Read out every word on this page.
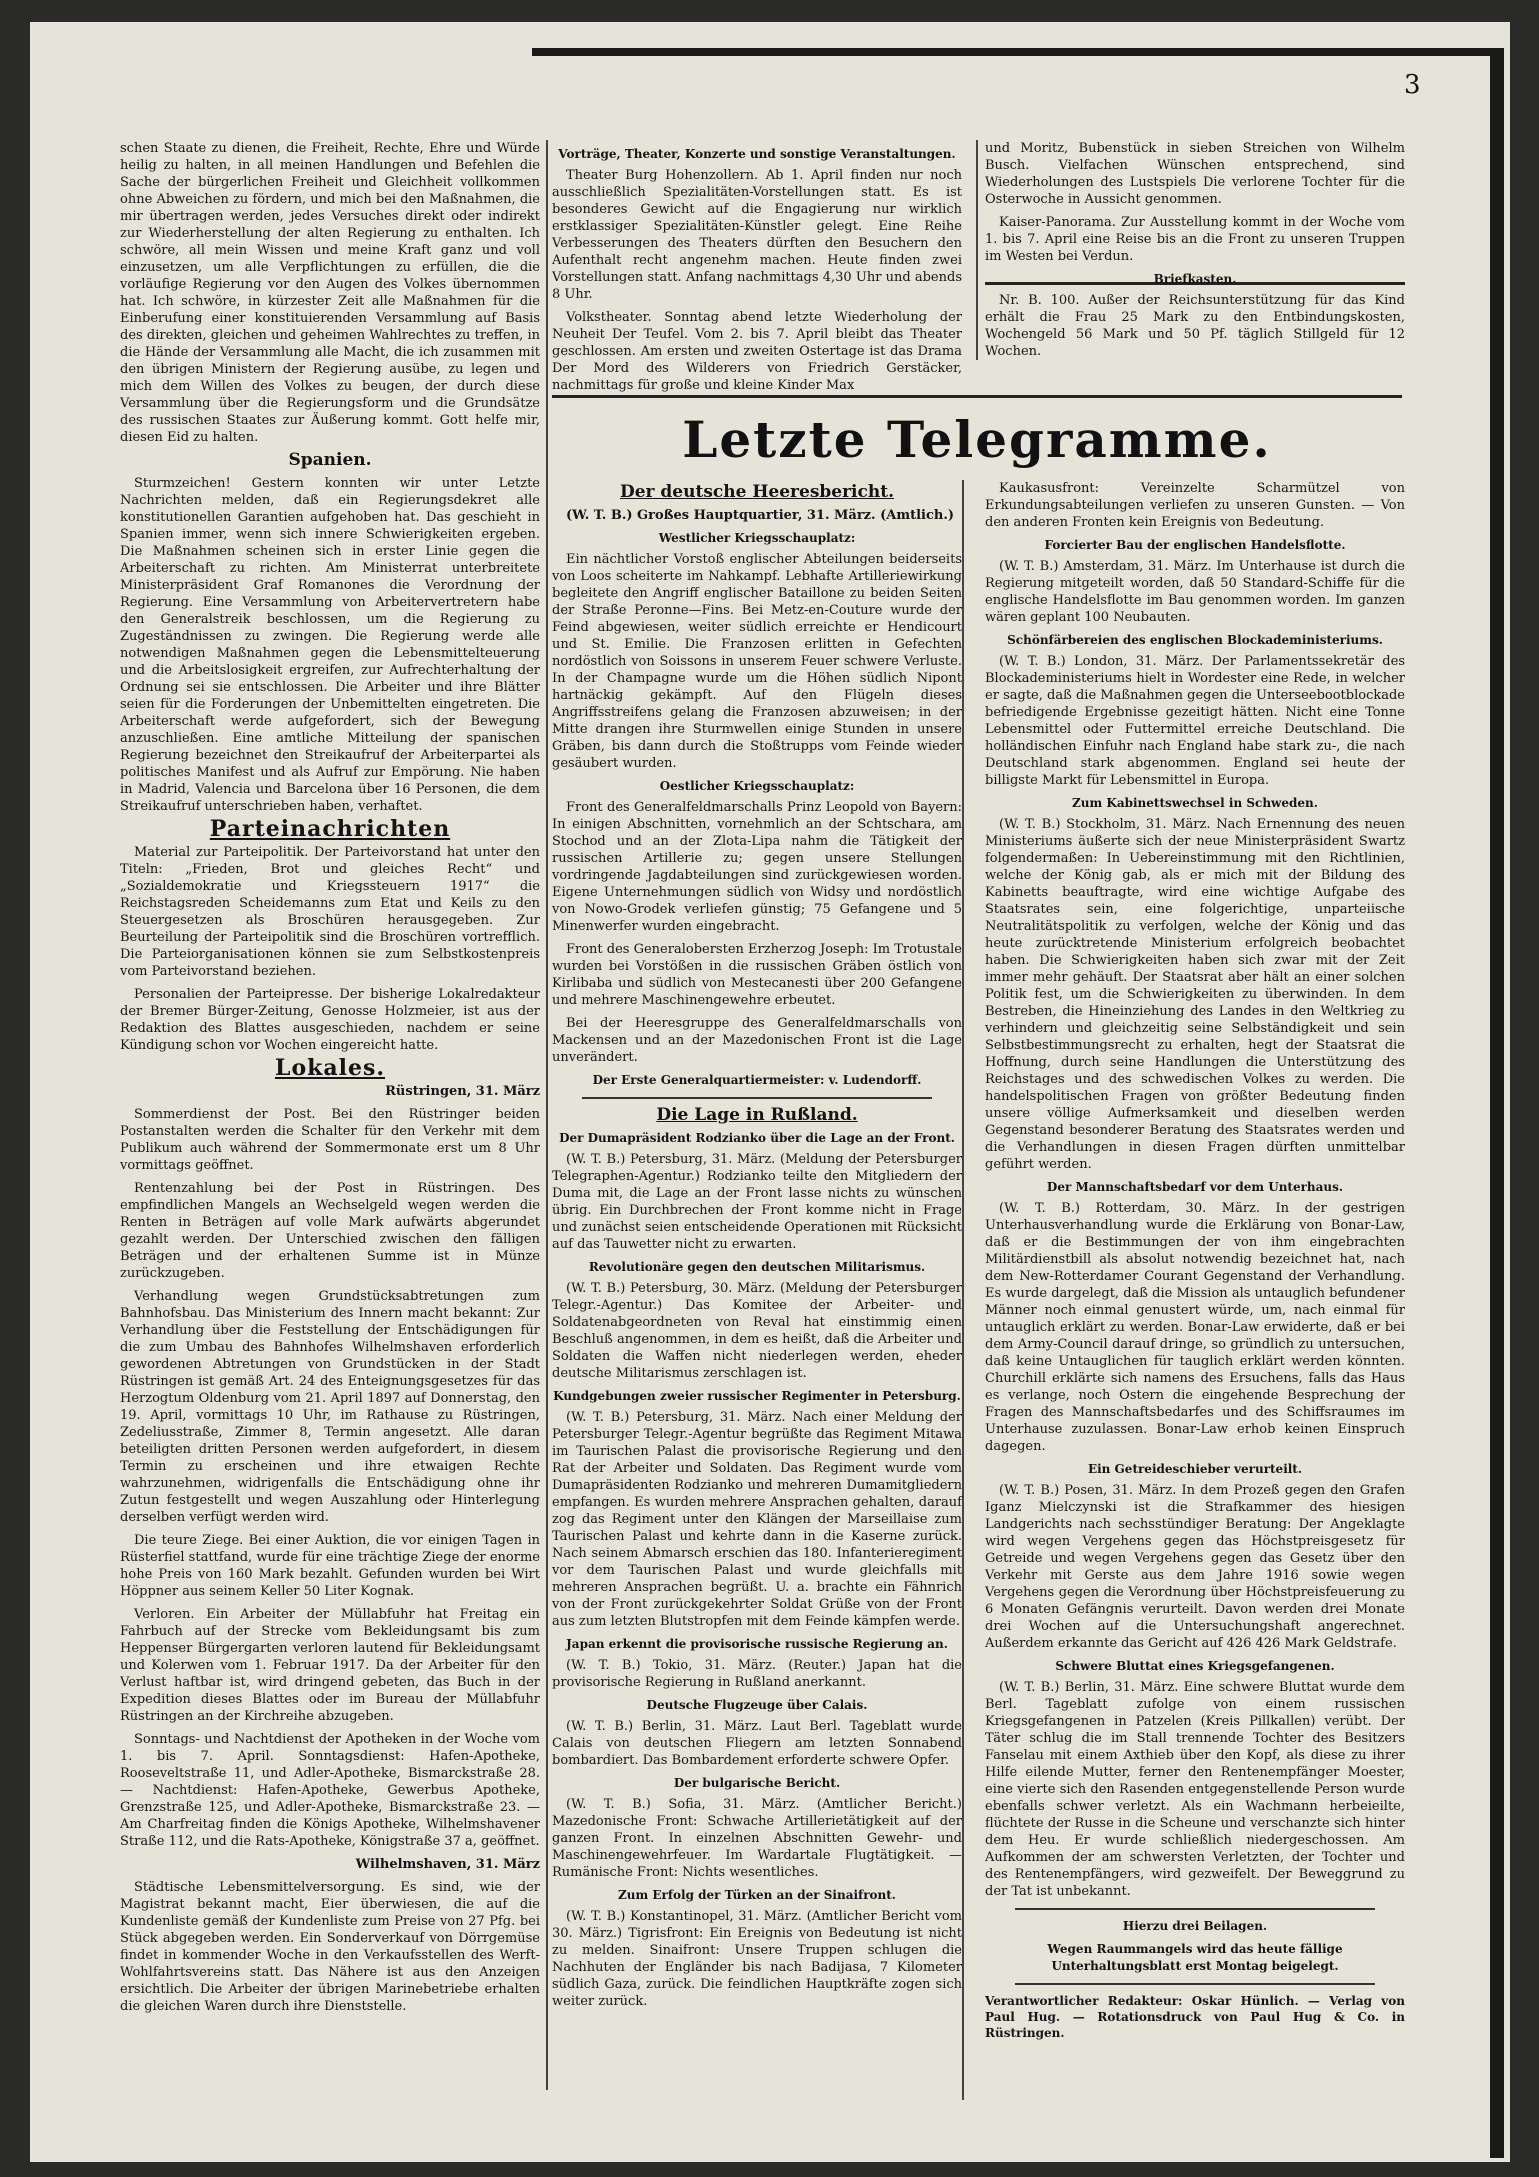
3

schen Staate zu dienen, die Freiheit, Rechte, Ehre und Würde heilig zu halten, in all meinen Handlungen und Befehlen die Sache der bürgerlichen Freiheit und Gleichheit vollkommen ohne Abweichen zu fördern, und mich bei den Maßnahmen, die mir übertragen werden, jedes Versuches direkt oder indirekt zur Wiederherstellung der alten Regierung zu enthalten. Ich schwöre, all mein Wissen und meine Kraft ganz und voll einzusetzen, um alle Verpflichtungen zu erfüllen, die die vorläufige Regierung vor den Augen des Volkes übernommen hat. Ich schwöre, in kürzester Zeit alle Maßnahmen für die Einberufung einer konstituierenden Versammlung auf Basis des direkten, gleichen und geheimen Wahlrechtes zu treffen, in die Hände der Versammlung alle Macht, die ich zusammen mit den übrigen Ministern der Regierung ausübe, zu legen und mich dem Willen des Volkes zu beugen, der durch diese Versammlung über die Regierungsform und die Grundsätze des russischen Staates zur Äußerung kommt. Gott helfe mir, diesen Eid zu halten.

Spanien.

Sturmzeichen! Gestern konnten wir unter Letzte Nachrichten melden, daß ein Regierungsdekret alle konstitutionellen Garantien aufgehoben hat. Das geschieht in Spanien immer, wenn sich innere Schwierigkeiten ergeben. Die Maßnahmen scheinen sich in erster Linie gegen die Arbeiterschaft zu richten. Am Ministerrat unterbreitete Ministerpräsident Graf Romanones die Verordnung der Regierung. Eine Versammlung von Arbeitervertretern habe den Generalstreik beschlossen, um die Regierung zu Zugeständnissen zu zwingen. Die Regierung werde alle notwendigen Maßnahmen gegen die Lebensmittelteuerung und die Arbeitslosigkeit ergreifen, zur Aufrechterhaltung der Ordnung sei sie entschlossen. Die Arbeiter und ihre Blätter seien für die Forderungen der Unbemittelten eingetreten. Die Arbeiterschaft werde aufgefordert, sich der Bewegung anzuschließen. Eine amtliche Mitteilung der spanischen Regierung bezeichnet den Streikaufruf der Arbeiterpartei als politisches Manifest und als Aufruf zur Empörung. Nie haben in Madrid, Valencia und Barcelona über 16 Personen, die dem Streikaufruf unterschrieben haben, verhaftet.

Parteinachrichten

Material zur Parteipolitik. Der Parteivorstand hat unter den Titeln: „Frieden, Brot und gleiches Recht“ und „Sozialdemokratie und Kriegssteuern 1917“ die Reichstagsreden Scheidemanns zum Etat und Keils zu den Steuergesetzen als Broschüren herausgegeben. Zur Beurteilung der Parteipolitik sind die Broschüren vortrefflich. Die Parteiorganisationen können sie zum Selbstkostenpreis vom Parteivorstand beziehen.

Personalien der Parteipresse. Der bisherige Lokalredakteur der Bremer Bürger-Zeitung, Genosse Holzmeier, ist aus der Redaktion des Blattes ausgeschieden, nachdem er seine Kündigung schon vor Wochen eingereicht hatte.

Lokales.
Rüstringen, 31. März

Sommerdienst der Post. Bei den Rüstringer beiden Postanstalten werden die Schalter für den Verkehr mit dem Publikum auch während der Sommermonate erst um 8 Uhr vormittags geöffnet.

Rentenzahlung bei der Post in Rüstringen. Des empfindlichen Mangels an Wechselgeld wegen werden die Renten in Beträgen auf volle Mark aufwärts abgerundet gezahlt werden. Der Unterschied zwischen den fälligen Beträgen und der erhaltenen Summe ist in Münze zurückzugeben.

Verhandlung wegen Grundstücksabtretungen zum Bahnhofsbau. Das Ministerium des Innern macht bekannt: Zur Verhandlung über die Feststellung der Entschädigungen für die zum Umbau des Bahnhofes Wilhelmshaven erforderlich gewordenen Abtretungen von Grundstücken in der Stadt Rüstringen ist gemäß Art. 24 des Enteignungsgesetzes für das Herzogtum Oldenburg vom 21. April 1897 auf Donnerstag, den 19. April, vormittags 10 Uhr, im Rathause zu Rüstringen, Zedeliusstraße, Zimmer 8, Termin angesetzt. Alle daran beteiligten dritten Personen werden aufgefordert, in diesem Termin zu erscheinen und ihre etwaigen Rechte wahrzunehmen, widrigenfalls die Entschädigung ohne ihr Zutun festgestellt und wegen Auszahlung oder Hinterlegung derselben verfügt werden wird.

Die teure Ziege. Bei einer Auktion, die vor einigen Tagen in Rüsterfiel stattfand, wurde für eine trächtige Ziege der enorme hohe Preis von 160 Mark bezahlt. Gefunden wurden bei Wirt Höppner aus seinem Keller 50 Liter Kognak.

Verloren. Ein Arbeiter der Müllabfuhr hat Freitag ein Fahrbuch auf der Strecke vom Bekleidungsamt bis zum Heppenser Bürgergarten verloren lautend für Bekleidungsamt und Kolerwen vom 1. Februar 1917. Da der Arbeiter für den Verlust haftbar ist, wird dringend gebeten, das Buch in der Expedition dieses Blattes oder im Bureau der Müllabfuhr Rüstringen an der Kirchreihe abzugeben.

Sonntags- und Nachtdienst der Apotheken in der Woche vom 1. bis 7. April. Sonntagsdienst: Hafen-Apotheke, Rooseveltstraße 11, und Adler-Apotheke, Bismarckstraße 28. — Nachtdienst: Hafen-Apotheke, Gewerbus Apotheke, Grenzstraße 125, und Adler-Apotheke, Bismarckstraße 23. — Am Charfreitag finden die Königs Apotheke, Wilhelmshavener Straße 112, und die Rats-Apotheke, Königstraße 37 a, geöffnet.

Wilhelmshaven, 31. März

Städtische Lebensmittelversorgung. Es sind, wie der Magistrat bekannt macht, Eier überwiesen, die auf die Kundenliste gemäß der Kundenliste zum Preise von 27 Pfg. bei Stück abgegeben werden. Ein Sonderverkauf von Dörrgemüse findet in kommender Woche in den Verkaufsstellen des Werft-Wohlfahrtsvereins statt. Das Nähere ist aus den Anzeigen ersichtlich. Die Arbeiter der übrigen Marinebetriebe erhalten die gleichen Waren durch ihre Dienststelle.

Vorträge, Theater, Konzerte und sonstige Veranstaltungen.

Theater Burg Hohenzollern. Ab 1. April finden nur noch ausschließlich Spezialitäten-Vorstellungen statt. Es ist besonderes Gewicht auf die Engagierung nur wirklich erstklassiger Spezialitäten-Künstler gelegt. Eine Reihe Verbesserungen des Theaters dürften den Besuchern den Aufenthalt recht angenehm machen. Heute finden zwei Vorstellungen statt. Anfang nachmittags 4,30 Uhr und abends 8 Uhr.

Volkstheater. Sonntag abend letzte Wiederholung der Neuheit Der Teufel. Vom 2. bis 7. April bleibt das Theater geschlossen. Am ersten und zweiten Ostertage ist das Drama Der Mord des Wilderers von Friedrich Gerstäcker, nachmittags für große und kleine Kinder Max

und Moritz, Bubenstück in sieben Streichen von Wilhelm Busch. Vielfachen Wünschen entsprechend, sind Wiederholungen des Lustspiels Die verlorene Tochter für die Osterwoche in Aussicht genommen.

Kaiser-Panorama. Zur Ausstellung kommt in der Woche vom 1. bis 7. April eine Reise bis an die Front zu unseren Truppen im Westen bei Verdun.

Briefkasten.

Nr. B. 100. Außer der Reichsunterstützung für das Kind erhält die Frau 25 Mark zu den Entbindungskosten, Wochengeld 56 Mark und 50 Pf. täglich Stillgeld für 12 Wochen.

Letzte Telegramme.
Der deutsche Heeresbericht.

(W. T. B.) Großes Hauptquartier, 31. März. (Amtlich.)

Westlicher Kriegsschauplatz:

Ein nächtlicher Vorstoß englischer Abteilungen beiderseits von Loos scheiterte im Nahkampf. Lebhafte Artilleriewirkung begleitete den Angriff englischer Bataillone zu beiden Seiten der Straße Peronne—Fins. Bei Metz-en-Couture wurde der Feind abgewiesen, weiter südlich erreichte er Hendicourt und St. Emilie. Die Franzosen erlitten in Gefechten nordöstlich von Soissons in unserem Feuer schwere Verluste. In der Champagne wurde um die Höhen südlich Nipont hartnäckig gekämpft. Auf den Flügeln dieses Angriffsstreifens gelang die Franzosen abzuweisen; in der Mitte drangen ihre Sturmwellen einige Stunden in unsere Gräben, bis dann durch die Stoßtrupps vom Feinde wieder gesäubert wurden.

Oestlicher Kriegsschauplatz:

Front des Generalfeldmarschalls Prinz Leopold von Bayern: In einigen Abschnitten, vornehmlich an der Schtschara, am Stochod und an der Zlota-Lipa nahm die Tätigkeit der russischen Artillerie zu; gegen unsere Stellungen vordringende Jagdabteilungen sind zurückgewiesen worden. Eigene Unternehmungen südlich von Widsy und nordöstlich von Nowo-Grodek verliefen günstig; 75 Gefangene und 5 Minenwerfer wurden eingebracht.

Front des Generalobersten Erzherzog Joseph: Im Trotustale wurden bei Vorstößen in die russischen Gräben östlich von Kirlibaba und südlich von Mestecanesti über 200 Gefangene und mehrere Maschinengewehre erbeutet.

Bei der Heeresgruppe des Generalfeldmarschalls von Mackensen und an der Mazedonischen Front ist die Lage unverändert.

Der Erste Generalquartiermeister: v. Ludendorff.
Die Lage in Rußland.
Der Dumapräsident Rodzianko über die Lage an der Front.

(W. T. B.) Petersburg, 31. März. (Meldung der Petersburger Telegraphen-Agentur.) Rodzianko teilte den Mitgliedern der Duma mit, die Lage an der Front lasse nichts zu wünschen übrig. Ein Durchbrechen der Front komme nicht in Frage und zunächst seien entscheidende Operationen mit Rücksicht auf das Tauwetter nicht zu erwarten.

Revolutionäre gegen den deutschen Militarismus.

(W. T. B.) Petersburg, 30. März. (Meldung der Petersburger Telegr.-Agentur.) Das Komitee der Arbeiter- und Soldatenabgeordneten von Reval hat einstimmig einen Beschluß angenommen, in dem es heißt, daß die Arbeiter und Soldaten die Waffen nicht niederlegen werden, eheder deutsche Militarismus zerschlagen ist.

Kundgebungen zweier russischer Regimenter in Petersburg.

(W. T. B.) Petersburg, 31. März. Nach einer Meldung der Petersburger Telegr.-Agentur begrüßte das Regiment Mitawa im Taurischen Palast die provisorische Regierung und den Rat der Arbeiter und Soldaten. Das Regiment wurde vom Dumapräsidenten Rodzianko und mehreren Dumamitgliedern empfangen. Es wurden mehrere Ansprachen gehalten, darauf zog das Regiment unter den Klängen der Marseillaise zum Taurischen Palast und kehrte dann in die Kaserne zurück. Nach seinem Abmarsch erschien das 180. Infanterieregiment vor dem Taurischen Palast und wurde gleichfalls mit mehreren Ansprachen begrüßt. U. a. brachte ein Fähnrich von der Front zurückgekehrter Soldat Grüße von der Front aus zum letzten Blutstropfen mit dem Feinde kämpfen werde.

Japan erkennt die provisorische russische Regierung an.

(W. T. B.) Tokio, 31. März. (Reuter.) Japan hat die provisorische Regierung in Rußland anerkannt.

Deutsche Flugzeuge über Calais.

(W. T. B.) Berlin, 31. März. Laut Berl. Tageblatt wurde Calais von deutschen Fliegern am letzten Sonnabend bombardiert. Das Bombardement erforderte schwere Opfer.

Der bulgarische Bericht.

(W. T. B.) Sofia, 31. März. (Amtlicher Bericht.) Mazedonische Front: Schwache Artillerietätigkeit auf der ganzen Front. In einzelnen Abschnitten Gewehr- und Maschinengewehrfeuer. Im Wardartale Flugtätigkeit. — Rumänische Front: Nichts wesentliches.

Zum Erfolg der Türken an der Sinaifront.

(W. T. B.) Konstantinopel, 31. März. (Amtlicher Bericht vom 30. März.) Tigrisfront: Ein Ereignis von Bedeutung ist nicht zu melden. Sinaifront: Unsere Truppen schlugen die Nachhuten der Engländer bis nach Badijasa, 7 Kilometer südlich Gaza, zurück. Die feindlichen Hauptkräfte zogen sich weiter zurück.

Kaukasusfront: Vereinzelte Scharmützel von Erkundungsabteilungen verliefen zu unseren Gunsten. — Von den anderen Fronten kein Ereignis von Bedeutung.

Forcierter Bau der englischen Handelsflotte.

(W. T. B.) Amsterdam, 31. März. Im Unterhause ist durch die Regierung mitgeteilt worden, daß 50 Standard-Schiffe für die englische Handelsflotte im Bau genommen worden. Im ganzen wären geplant 100 Neubauten.

Schönfärbereien des englischen Blockadeministeriums.

(W. T. B.) London, 31. März. Der Parlamentssekretär des Blockadeministeriums hielt in Wordester eine Rede, in welcher er sagte, daß die Maßnahmen gegen die Unterseebootblockade befriedigende Ergebnisse gezeitigt hätten. Nicht eine Tonne Lebensmittel oder Futtermittel erreiche Deutschland. Die holländischen Einfuhr nach England habe stark zu-, die nach Deutschland stark abgenommen. England sei heute der billigste Markt für Lebensmittel in Europa.

Zum Kabinettswechsel in Schweden.

(W. T. B.) Stockholm, 31. März. Nach Ernennung des neuen Ministeriums äußerte sich der neue Ministerpräsident Swartz folgendermaßen: In Uebereinstimmung mit den Richtlinien, welche der König gab, als er mich mit der Bildung des Kabinetts beauftragte, wird eine wichtige Aufgabe des Staatsrates sein, eine folgerichtige, unparteiische Neutralitätspolitik zu verfolgen, welche der König und das heute zurücktretende Ministerium erfolgreich beobachtet haben. Die Schwierigkeiten haben sich zwar mit der Zeit immer mehr gehäuft. Der Staatsrat aber hält an einer solchen Politik fest, um die Schwierigkeiten zu überwinden. In dem Bestreben, die Hineinziehung des Landes in den Weltkrieg zu verhindern und gleichzeitig seine Selbständigkeit und sein Selbstbestimmungsrecht zu erhalten, hegt der Staatsrat die Hoffnung, durch seine Handlungen die Unterstützung des Reichstages und des schwedischen Volkes zu werden. Die handelspolitischen Fragen von größter Bedeutung finden unsere völlige Aufmerksamkeit und dieselben werden Gegenstand besonderer Beratung des Staatsrates werden und die Verhandlungen in diesen Fragen dürften unmittelbar geführt werden.

Der Mannschaftsbedarf vor dem Unterhaus.

(W. T. B.) Rotterdam, 30. März. In der gestrigen Unterhausverhandlung wurde die Erklärung von Bonar-Law, daß er die Bestimmungen der von ihm eingebrachten Militärdienstbill als absolut notwendig bezeichnet hat, nach dem New-Rotterdamer Courant Gegenstand der Verhandlung. Es wurde dargelegt, daß die Mission als untauglich befundener Männer noch einmal genustert würde, um, nach einmal für untauglich erklärt zu werden. Bonar-Law erwiderte, daß er bei dem Army-Council darauf dringe, so gründlich zu untersuchen, daß keine Untauglichen für tauglich erklärt werden könnten. Churchill erklärte sich namens des Ersuchens, falls das Haus es verlange, noch Ostern die eingehende Besprechung der Fragen des Mannschaftsbedarfes und des Schiffsraumes im Unterhause zuzulassen. Bonar-Law erhob keinen Einspruch dagegen.

Ein Getreideschieber verurteilt.

(W. T. B.) Posen, 31. März. In dem Prozeß gegen den Grafen Iganz Mielczynski ist die Strafkammer des hiesigen Landgerichts nach sechsstündiger Beratung: Der Angeklagte wird wegen Vergehens gegen das Höchstpreisgesetz für Getreide und wegen Vergehens gegen das Gesetz über den Verkehr mit Gerste aus dem Jahre 1916 sowie wegen Vergehens gegen die Verordnung über Höchstpreisfeuerung zu 6 Monaten Gefängnis verurteilt. Davon werden drei Monate drei Wochen auf die Untersuchungshaft angerechnet. Außerdem erkannte das Gericht auf 426 426 Mark Geldstrafe.

Schwere Bluttat eines Kriegsgefangenen.

(W. T. B.) Berlin, 31. März. Eine schwere Bluttat wurde dem Berl. Tageblatt zufolge von einem russischen Kriegsgefangenen in Patzelen (Kreis Pillkallen) verübt. Der Täter schlug die im Stall trennende Tochter des Besitzers Fanselau mit einem Axthieb über den Kopf, als diese zu ihrer Hilfe eilende Mutter, ferner den Rentenempfänger Moester, eine vierte sich den Rasenden entgegenstellende Person wurde ebenfalls schwer verletzt. Als ein Wachmann herbeieilte, flüchtete der Russe in die Scheune und verschanzte sich hinter dem Heu. Er wurde schließlich niedergeschossen. Am Aufkommen der am schwersten Verletzten, der Tochter und des Rentenempfängers, wird gezweifelt. Der Beweggrund zu der Tat ist unbekannt.

Hierzu drei Beilagen.
Wegen Raummangels wird das heute fällige Unterhaltungsblatt erst Montag beigelegt.

Verantwortlicher Redakteur: Oskar Hünlich. — Verlag von Paul Hug. — Rotationsdruck von Paul Hug & Co. in Rüstringen.
